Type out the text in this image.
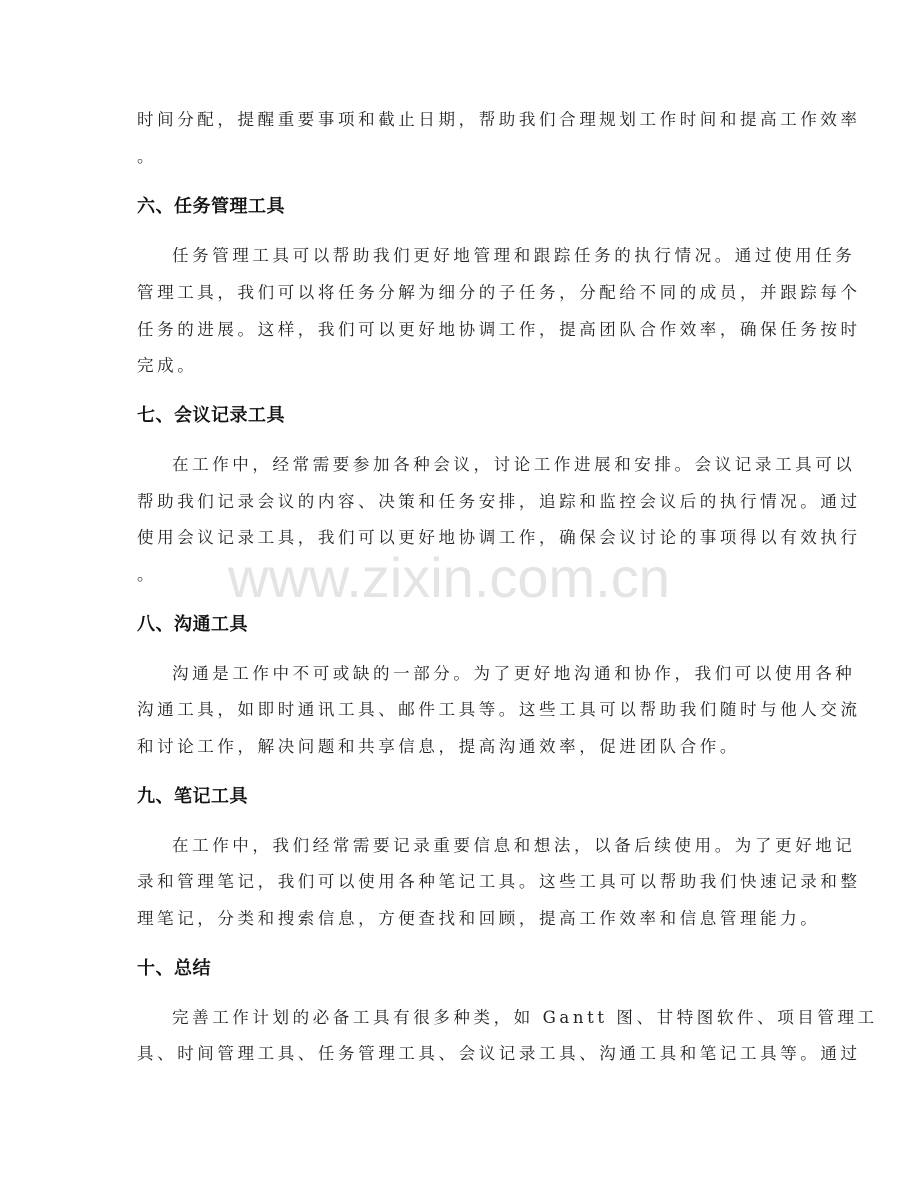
www.zixin.com.cn
时间分配，提醒重要事项和截止日期，帮助我们合理规划工作时间和提高工作效率
。
六、任务管理工具
任务管理工具可以帮助我们更好地管理和跟踪任务的执行情况。通过使用任务
管理工具，我们可以将任务分解为细分的子任务，分配给不同的成员，并跟踪每个
任务的进展。这样，我们可以更好地协调工作，提高团队合作效率，确保任务按时
完成。
七、会议记录工具
在工作中，经常需要参加各种会议，讨论工作进展和安排。会议记录工具可以
帮助我们记录会议的内容、决策和任务安排，追踪和监控会议后的执行情况。通过
使用会议记录工具，我们可以更好地协调工作，确保会议讨论的事项得以有效执行
。
八、沟通工具
沟通是工作中不可或缺的一部分。为了更好地沟通和协作，我们可以使用各种
沟通工具，如即时通讯工具、邮件工具等。这些工具可以帮助我们随时与他人交流
和讨论工作，解决问题和共享信息，提高沟通效率，促进团队合作。
九、笔记工具
在工作中，我们经常需要记录重要信息和想法，以备后续使用。为了更好地记
录和管理笔记，我们可以使用各种笔记工具。这些工具可以帮助我们快速记录和整
理笔记，分类和搜索信息，方便查找和回顾，提高工作效率和信息管理能力。
十、总结
完善工作计划的必备工具有很多种类，如 Gantt 图、甘特图软件、项目管理工
具、时间管理工具、任务管理工具、会议记录工具、沟通工具和笔记工具等。通过
